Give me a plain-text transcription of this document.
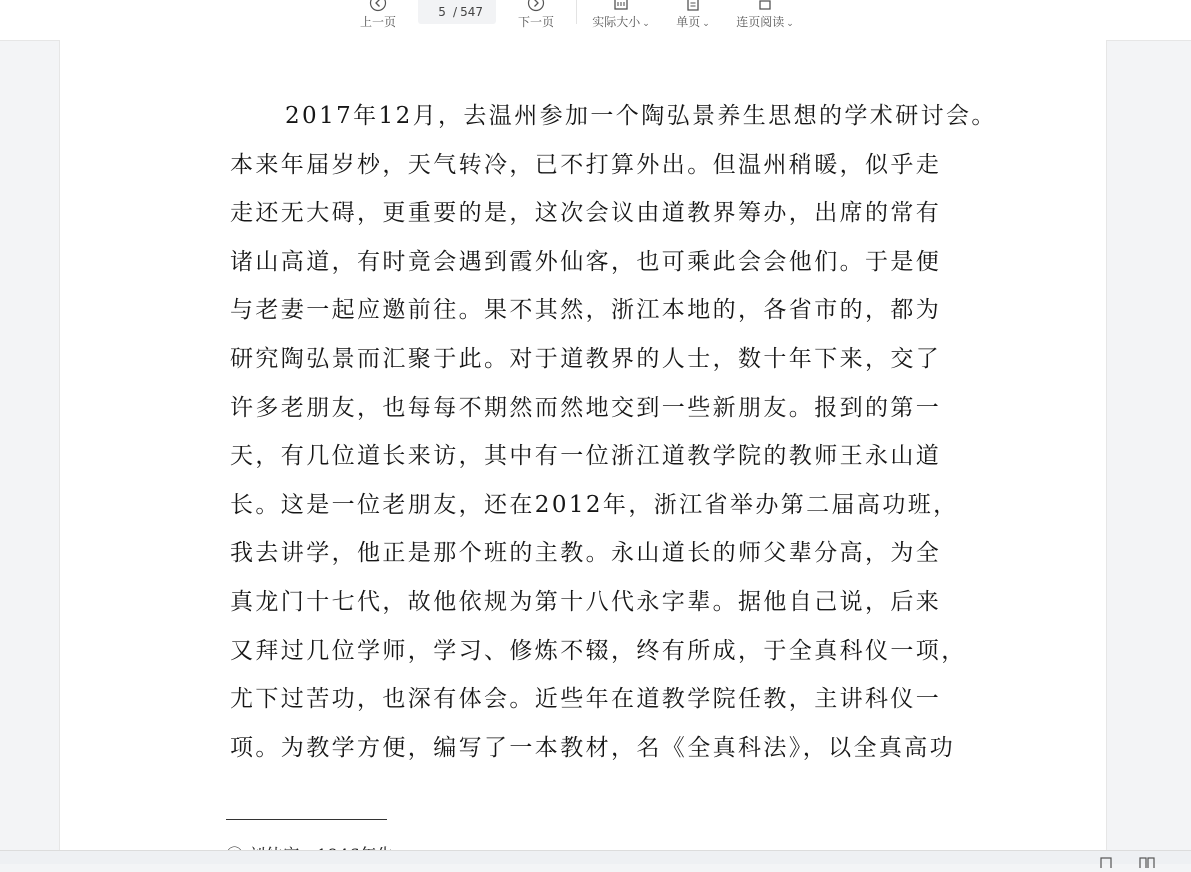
上一页
5
/ 547
下一页	实际大小 ⌄ 单页 ⌄ 连页阅读 ⌄
2017年12月，去温州参加一个陶弘景养生思想的学术研讨会。
本来年届岁杪，天气转冷，已不打算外出。但温州稍暖，似乎走
走还无大碍，更重要的是，这次会议由道教界筹办，出席的常有
诸山高道，有时竟会遇到霞外仙客，也可乘此会会他们。于是便
与老妻一起应邀前往。果不其然，浙江本地的，各省市的，都为
研究陶弘景而汇聚于此。对于道教界的人士，数十年下来，交了
许多老朋友，也每每不期然而然地交到一些新朋友。报到的第一
天，有几位道长来访，其中有一位浙江道教学院的教师王永山道
长。这是一位老朋友，还在2012年，浙江省举办第二届高功班，
我去讲学，他正是那个班的主教。永山道长的师父辈分高，为全
真龙门十七代，故他依规为第十八代永字辈。据他自己说，后来
又拜过几位学师，学习、修炼不辍，终有所成，于全真科仪一项，
尤下过苦功，也深有体会。近些年在道教学院任教，主讲科仪一
项。为教学方便，编写了一本教材，名《全真科法》，以全真高功
